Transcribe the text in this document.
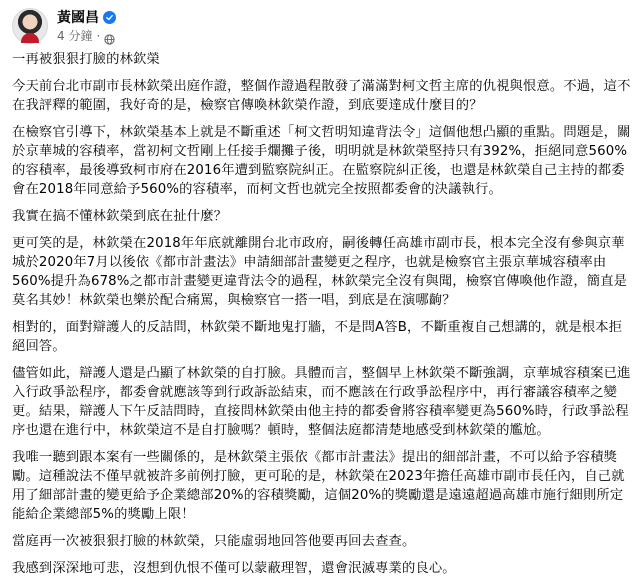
黃國昌
4 分鐘 ·

一再被狠狠打臉的林欽榮

今天前台北市副市長林欽榮出庭作證，整個作證過程散發了滿滿對柯文哲主席的仇視與恨意。不過，這不在我評釋的範圍，我好奇的是，檢察官傳喚林欽榮作證，到底要達成什麼目的？

在檢察官引導下，林欽榮基本上就是不斷重述「柯文哲明知違背法令」這個他想凸顯的重點。問題是，關於京華城的容積率，當初柯文哲剛上任接手爛攤子後，明明就是林欽榮堅持只有392%，拒絕同意560%的容積率，最後導致柯市府在2016年遭到監察院糾正。在監察院糾正後，也還是林欽榮自己主持的都委會在2018年同意給予560%的容積率，而柯文哲也就完全按照都委會的決議執行。

我實在搞不懂林欽榮到底在扯什麼？

更可笑的是，林欽榮在2018年年底就離開台北市政府，嗣後轉任高雄市副市長，根本完全沒有參與京華城於2020年7月以後依《都市計畫法》申請細部計畫變更之程序，也就是檢察官主張京華城容積率由560%提升為678%之都市計畫變更違背法令的過程，林欽榮完全沒有與聞，檢察官傳喚他作證，簡直是莫名其妙！林欽榮也樂於配合痛罵，與檢察官一搭一唱，到底是在演哪齣？

相對的，面對辯護人的反詰問，林欽榮不斷地鬼打牆，不是問A答B，不斷重複自己想講的，就是根本拒絕回答。

儘管如此，辯護人還是凸顯了林欽榮的自打臉。具體而言，整個早上林欽榮不斷強調，京華城容積案已進入行政爭訟程序，都委會就應該等到行政訴訟結束，而不應該在行政爭訟程序中，再行審議容積率之變更。結果，辯護人下午反詰問時，直接問林欽榮由他主持的都委會將容積率變更為560%時，行政爭訟程序也還在進行中，林欽榮這不是自打臉嗎？頓時，整個法庭都清楚地感受到林欽榮的尷尬。

我唯一聽到跟本案有一些關係的，是林欽榮主張依《都市計畫法》提出的細部計畫，不可以給予容積獎勵。這種說法不僅早就被許多前例打臉，更可恥的是，林欽榮在2023年擔任高雄市副市長任內，自己就用了細部計畫的變更給予企業總部20%的容積獎勵，這個20%的獎勵還是遠遠超過高雄市施行細則所定能給企業總部5%的獎勵上限！

當庭再一次被狠狠打臉的林欽榮，只能虛弱地回答他要再回去查查。

我感到深深地可悲，沒想到仇恨不僅可以蒙蔽理智，還會泯滅專業的良心。
